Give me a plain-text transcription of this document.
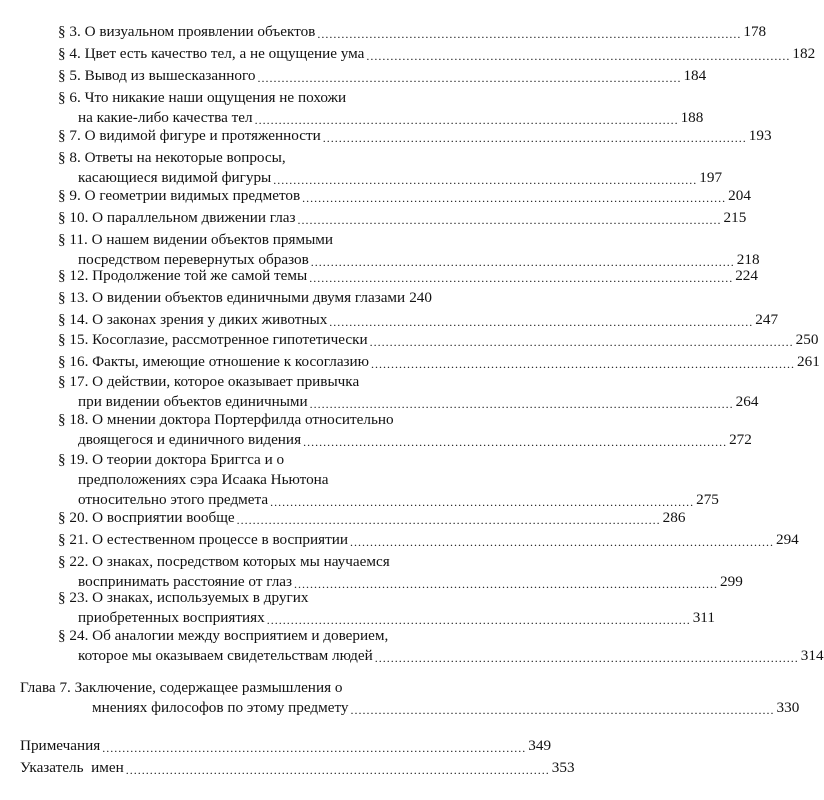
§ 3. О визуальном проявлении объектов .......................................................................................................... 178
§ 4. Цвет есть качество тел, а не ощущение ума .......................................................................................................... 182
§ 5. Вывод из вышесказанного .......................................................................................................... 184
§ 6. Что никакие наши ощущения не похожи
на какие-либо качества тел .......................................................................................................... 188
§ 7. О видимой фигуре и протяженности .......................................................................................................... 193
§ 8. Ответы на некоторые вопросы,
касающиеся видимой фигуры .......................................................................................................... 197
§ 9. О геометрии видимых предметов .......................................................................................................... 204
§ 10. О параллельном движении глаз .......................................................................................................... 215
§ 11. О нашем видении объектов прямыми
посредством перевернутых образов .......................................................................................................... 218
§ 12. Продолжение той же самой темы .......................................................................................................... 224
§ 13. О видении объектов единичными двумя глазами 240
§ 14. О законах зрения у диких животных .......................................................................................................... 247
§ 15. Косоглазие, рассмотренное гипотетически .......................................................................................................... 250
§ 16. Факты, имеющие отношение к косоглазию .......................................................................................................... 261
§ 17. О действии, которое оказывает привычка
при видении объектов единичными .......................................................................................................... 264
§ 18. О мнении доктора Портерфилда относительно
двоящегося и единичного видения .......................................................................................................... 272
§ 19. О теории доктора Бриггса и о
предположениях сэра Исаака Ньютона
относительно этого предмета .......................................................................................................... 275
§ 20. О восприятии вообще .......................................................................................................... 286
§ 21. О естественном процессе в восприятии .......................................................................................................... 294
§ 22. О знаках, посредством которых мы научаемся
воспринимать расстояние от глаз .......................................................................................................... 299
§ 23. О знаках, используемых в других
приобретенных восприятиях .......................................................................................................... 311
§ 24. Об аналогии между восприятием и доверием,
которое мы оказываем свидетельствам людей .......................................................................................................... 314
Глава 7. Заключение, содержащее размышления о
мнениях философов по этому предмету .......................................................................................................... 330
Примечания .......................................................................................................... 349
Указатель  имен .......................................................................................................... 353
